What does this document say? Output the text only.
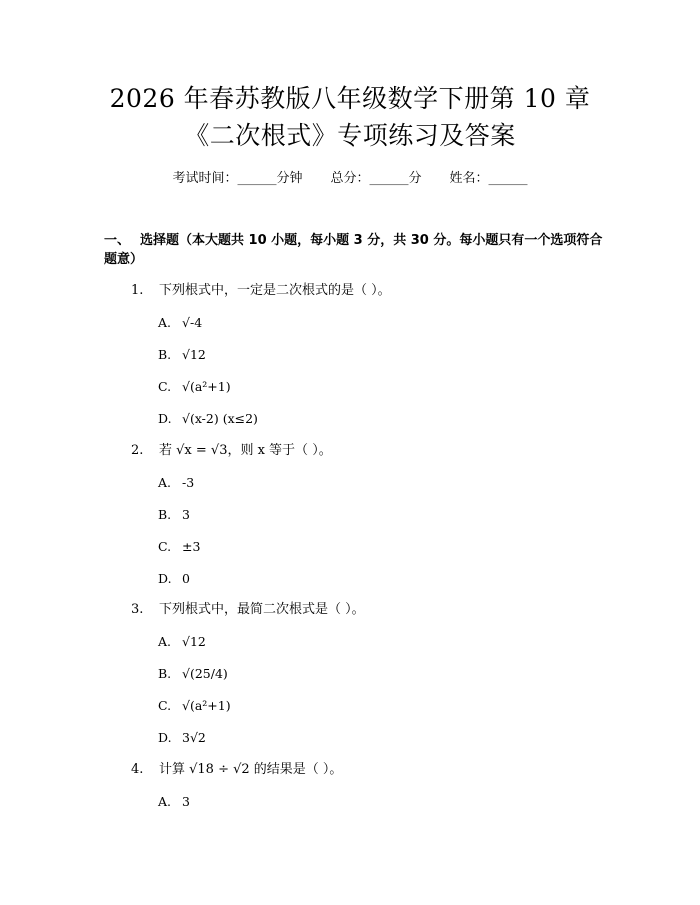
2026 年春苏教版八年级数学下册第 10 章
《二次根式》专项练习及答案
考试时间：______分钟 总分：______分 姓名：______
一、 选择题（本大题共 10 小题，每小题 3 分，共 30 分。每小题只有一个选项符合题意）
1. 下列根式中，一定是二次根式的是（ ）。
A. √-4
B. √12
C. √(a²+1)
D. √(x-2) (x≤2)
2. 若 √x = √3，则 x 等于（ ）。
A. -3
B. 3
C. ±3
D. 0
3. 下列根式中，最简二次根式是（ ）。
A. √12
B. √(25/4)
C. √(a²+1)
D. 3√2
4. 计算 √18 ÷ √2 的结果是（ ）。
A. 3
